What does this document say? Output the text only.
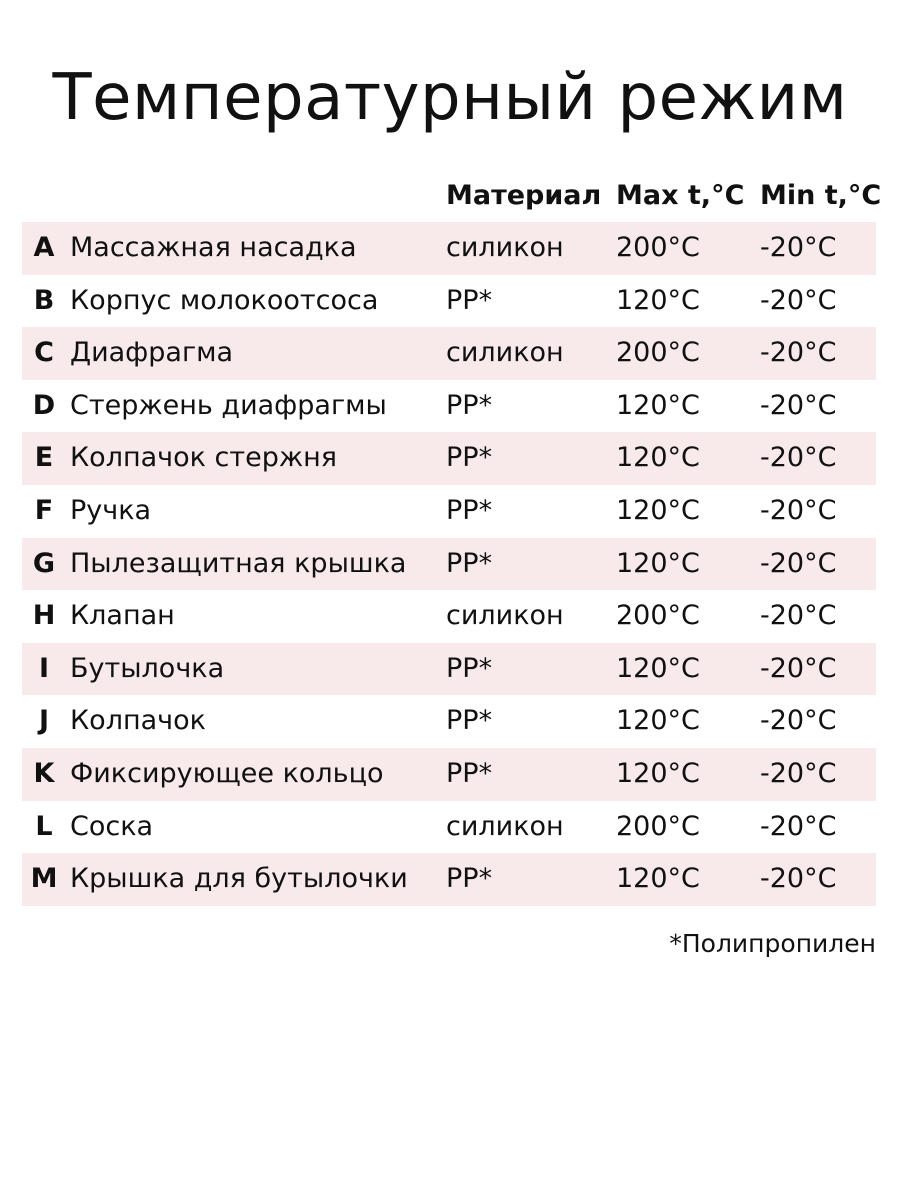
Температурный режим
Материал Max t,°C Min t,°C
A Массажная насадка	силикон 200°C -20°C
B Корпус молокоотсоса	PP*	120°C -20°C
C Диафрагма	силикон 200°C -20°C
D Стержень диафрагмы PP*	120°C -20°C
E Колпачок стержня	PP*	120°C -20°C
F Ручка	PP*	120°C -20°C
G Пылезащитная крышка PP*	120°C -20°C
H Клапан	силикон 200°C -20°C
I Бутылочка	PP*	120°C -20°C
J Колпачок	PP*	120°C -20°C
K Фиксирующее кольцо PP*	120°C -20°C
L Соска	силикон 200°C -20°C
M Крышка для бутылочки PP*	120°C -20°C
*Полипропилен
